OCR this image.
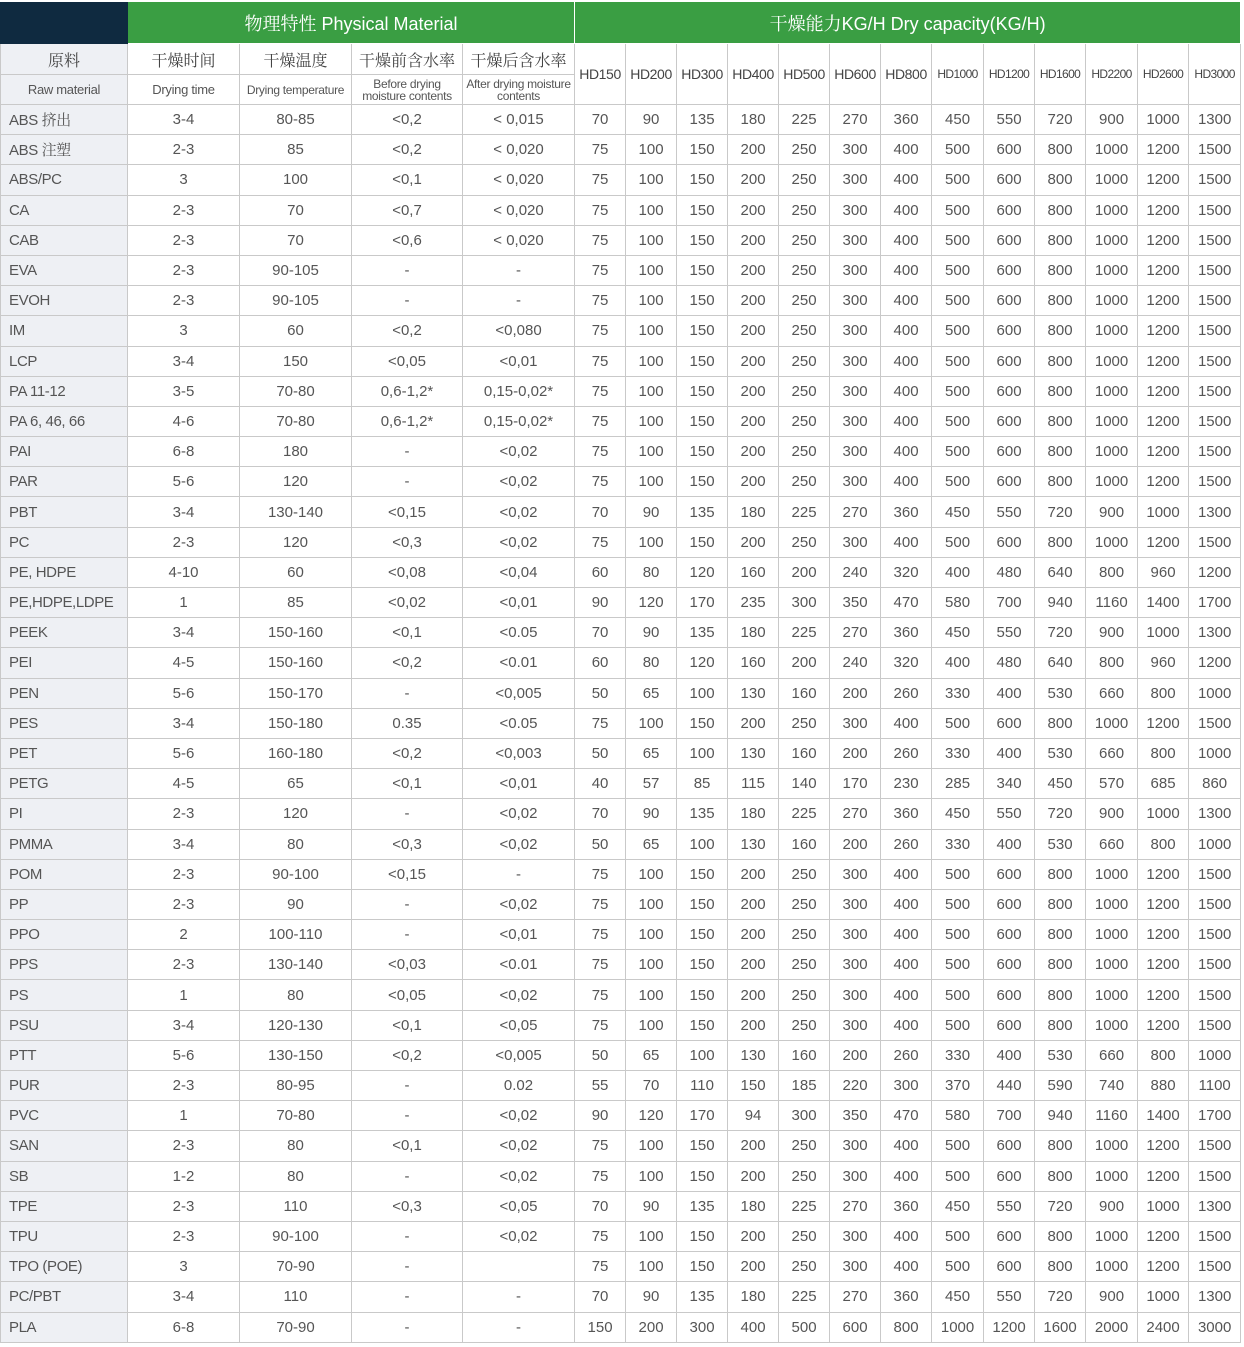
	物理特性 Physical Material				干燥能力KG/H Dry capacity(KG/H)												
原料	干燥时间	干燥温度	干燥前含水率	干燥后含水率	HD150	HD200	HD300	HD400	HD500	HD600	HD800	HD1000	HD1200	HD1600	HD2200	HD2600	HD3000
Raw material	Drying time	Drying temperature	Before drying moisture contents	After drying moisture contents													
ABS 挤出	3-4	80-85	<0,2	< 0,015	70	90	135	180	225	270	360	450	550	720	900	1000	1300
ABS 注塑	2-3	85	<0,2	< 0,020	75	100	150	200	250	300	400	500	600	800	1000	1200	1500
ABS/PC	3	100	<0,1	< 0,020	75	100	150	200	250	300	400	500	600	800	1000	1200	1500
CA	2-3	70	<0,7	< 0,020	75	100	150	200	250	300	400	500	600	800	1000	1200	1500
CAB	2-3	70	<0,6	< 0,020	75	100	150	200	250	300	400	500	600	800	1000	1200	1500
EVA	2-3	90-105	-	-	75	100	150	200	250	300	400	500	600	800	1000	1200	1500
EVOH	2-3	90-105	-	-	75	100	150	200	250	300	400	500	600	800	1000	1200	1500
IM	3	60	<0,2	<0,080	75	100	150	200	250	300	400	500	600	800	1000	1200	1500
LCP	3-4	150	<0,05	<0,01	75	100	150	200	250	300	400	500	600	800	1000	1200	1500
PA 11-12	3-5	70-80	0,6-1,2*	0,15-0,02*	75	100	150	200	250	300	400	500	600	800	1000	1200	1500
PA 6, 46, 66	4-6	70-80	0,6-1,2*	0,15-0,02*	75	100	150	200	250	300	400	500	600	800	1000	1200	1500
PAI	6-8	180	-	<0,02	75	100	150	200	250	300	400	500	600	800	1000	1200	1500
PAR	5-6	120	-	<0,02	75	100	150	200	250	300	400	500	600	800	1000	1200	1500
PBT	3-4	130-140	<0,15	<0,02	70	90	135	180	225	270	360	450	550	720	900	1000	1300
PC	2-3	120	<0,3	<0,02	75	100	150	200	250	300	400	500	600	800	1000	1200	1500
PE, HDPE	4-10	60	<0,08	<0,04	60	80	120	160	200	240	320	400	480	640	800	960	1200
PE,HDPE,LDPE	1	85	<0,02	<0,01	90	120	170	235	300	350	470	580	700	940	1160	1400	1700
PEEK	3-4	150-160	<0,1	<0.05	70	90	135	180	225	270	360	450	550	720	900	1000	1300
PEI	4-5	150-160	<0,2	<0.01	60	80	120	160	200	240	320	400	480	640	800	960	1200
PEN	5-6	150-170	-	<0,005	50	65	100	130	160	200	260	330	400	530	660	800	1000
PES	3-4	150-180	0.35	<0.05	75	100	150	200	250	300	400	500	600	800	1000	1200	1500
PET	5-6	160-180	<0,2	<0,003	50	65	100	130	160	200	260	330	400	530	660	800	1000
PETG	4-5	65	<0,1	<0,01	40	57	85	115	140	170	230	285	340	450	570	685	860
PI	2-3	120	-	<0,02	70	90	135	180	225	270	360	450	550	720	900	1000	1300
PMMA	3-4	80	<0,3	<0,02	50	65	100	130	160	200	260	330	400	530	660	800	1000
POM	2-3	90-100	<0,15	-	75	100	150	200	250	300	400	500	600	800	1000	1200	1500
PP	2-3	90	-	<0,02	75	100	150	200	250	300	400	500	600	800	1000	1200	1500
PPO	2	100-110	-	<0,01	75	100	150	200	250	300	400	500	600	800	1000	1200	1500
PPS	2-3	130-140	<0,03	<0.01	75	100	150	200	250	300	400	500	600	800	1000	1200	1500
PS	1	80	<0,05	<0,02	75	100	150	200	250	300	400	500	600	800	1000	1200	1500
PSU	3-4	120-130	<0,1	<0,05	75	100	150	200	250	300	400	500	600	800	1000	1200	1500
PTT	5-6	130-150	<0,2	<0,005	50	65	100	130	160	200	260	330	400	530	660	800	1000
PUR	2-3	80-95	-	0.02	55	70	110	150	185	220	300	370	440	590	740	880	1100
PVC	1	70-80	-	<0,02	90	120	170	94	300	350	470	580	700	940	1160	1400	1700
SAN	2-3	80	<0,1	<0,02	75	100	150	200	250	300	400	500	600	800	1000	1200	1500
SB	1-2	80	-	<0,02	75	100	150	200	250	300	400	500	600	800	1000	1200	1500
TPE	2-3	110	<0,3	<0,05	70	90	135	180	225	270	360	450	550	720	900	1000	1300
TPU	2-3	90-100	-	<0,02	75	100	150	200	250	300	400	500	600	800	1000	1200	1500
TPO (POE)	3	70-90	-		75	100	150	200	250	300	400	500	600	800	1000	1200	1500
PC/PBT	3-4	110	-	-	70	90	135	180	225	270	360	450	550	720	900	1000	1300
PLA	6-8	70-90	-	-	150	200	300	400	500	600	800	1000	1200	1600	2000	2400	3000
